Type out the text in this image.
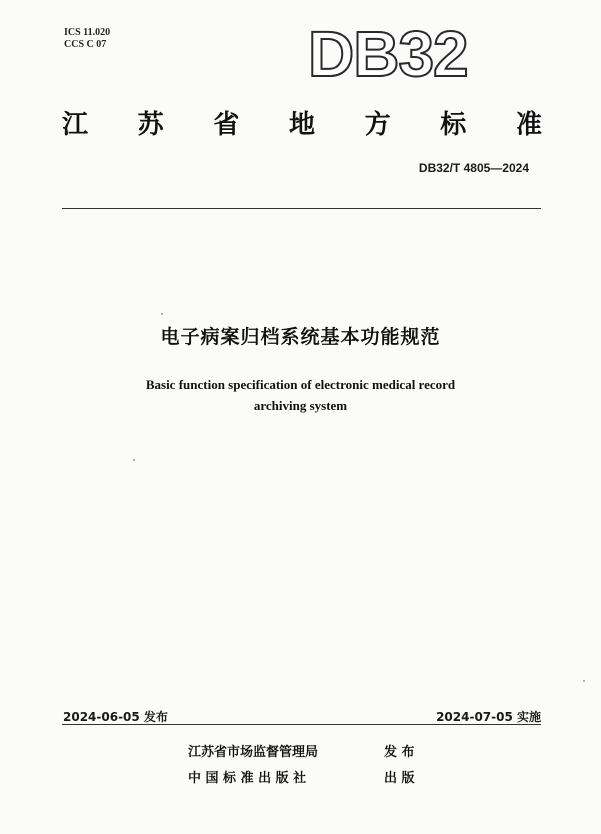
ICS 11.020
CCS C 07	DB32
江 苏 省 地 方 标 准
DB32/T 4805—2024
电子病案归档系统基本功能规范
Basic function specification of electronic medical record
archiving system
2024-06-05 发布	2024-07-05 实施
江苏省市场监督管理局	发 布
中 国 标 准 出 版 社	出 版
